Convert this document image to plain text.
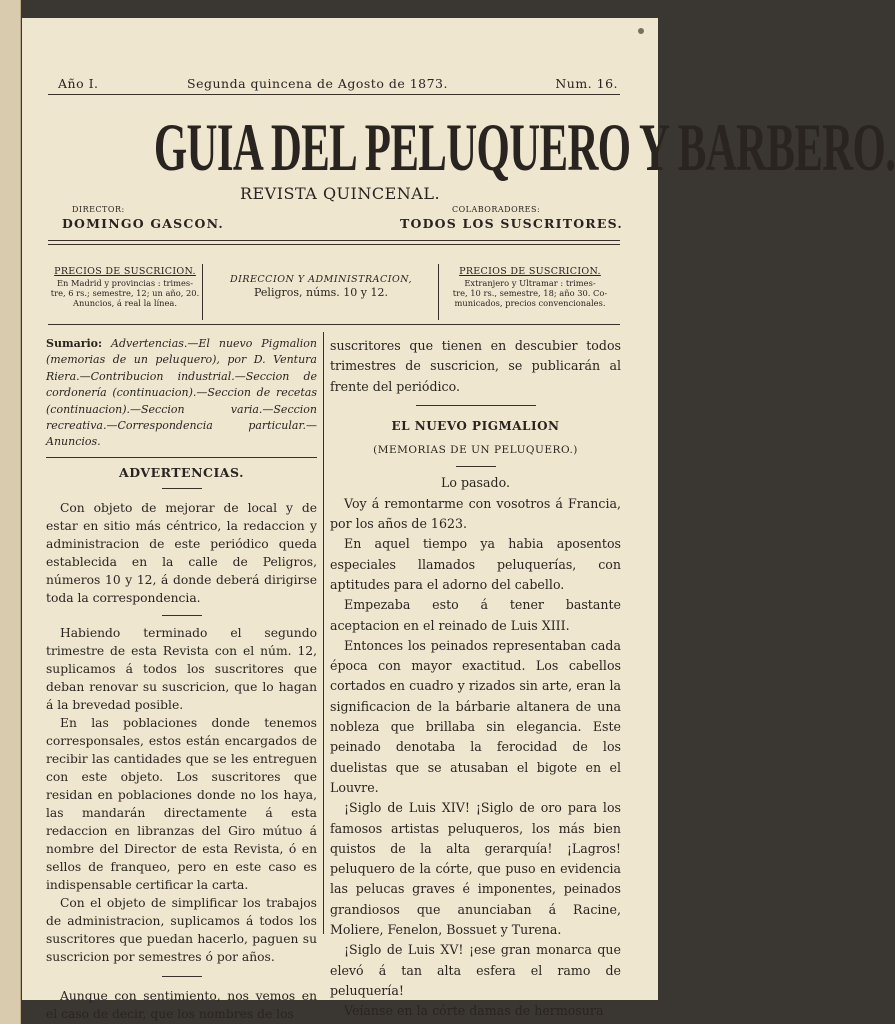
Año I.	Segunda quincena de Agosto de 1873.	Num. 16.

GUIA DEL PELUQUERO Y BARBERO.

REVISTA QUINCENAL.

DIRECTOR:

DOMINGO GASCON.

COLABORADORES:

TODOS LOS SUSCRITORES.

PRECIOS DE SUSCRICION.

En Madrid y provincias : trimes-

tre, 6 rs.; semestre, 12; un año, 20.

Anuncios, á real la línea.

DIRECCION Y ADMINISTRACION,

Peligros, núms. 10 y 12.

PRECIOS DE SUSCRICION.

Extranjero y Ultramar : trimes-

tre, 10 rs., semestre, 18; año 30. Co-

municados, precios convencionales.

Sumario: Advertencias.—El nuevo Pigmalion (memorias de un peluquero), por D. Ventura Riera.—Contribucion industrial.—Seccion de cordonería (continuacion).—Seccion de recetas (continuacion).—Seccion varia.—Seccion recreativa.—Correspondencia particular.—Anuncios.

ADVERTENCIAS.

Con objeto de mejorar de local y de estar en sitio más céntrico, la redaccion y administracion de este periódico queda establecida en la calle de Peligros, números 10 y 12, á donde deberá dirigirse toda la correspondencia.

Habiendo terminado el segundo trimestre de esta Revista con el núm. 12, suplicamos á todos los suscritores que deban renovar su suscricion, que lo hagan á la brevedad posible.

En las poblaciones donde tenemos corresponsales, estos están encargados de recibir las cantidades que se les entreguen con este objeto. Los suscritores que residan en poblaciones donde no los haya, las mandarán directamente á esta redaccion en libranzas del Giro mútuo á nombre del Director de esta Revista, ó en sellos de franqueo, pero en este caso es indispensable certificar la carta.

Con el objeto de simplificar los trabajos de administracion, suplicamos á todos los suscritores que puedan hacerlo, paguen su suscricion por semestres ó por años.

Aunque con sentimiento, nos vemos en el caso de decir, que los nombres de los

suscritores que tienen en descubier todos trimestres de suscricion, se publicarán al frente del periódico.

EL NUEVO PIGMALION

(MEMORIAS DE UN PELUQUERO.)

Lo pasado.

Voy á remontarme con vosotros á Francia, por los años de 1623.

En aquel tiempo ya habia aposentos especiales llamados peluquerías, con aptitudes para el adorno del cabello.

Empezaba esto á tener bastante aceptacion en el reinado de Luis XIII.

Entonces los peinados representaban cada época con mayor exactitud. Los cabellos cortados en cuadro y rizados sin arte, eran la significacion de la bárbarie altanera de una nobleza que brillaba sin elegancia. Este peinado denotaba la ferocidad de los duelistas que se atusaban el bigote en el Louvre.

¡Siglo de Luis XIV! ¡Siglo de oro para los famosos artistas peluqueros, los más bien quistos de la alta gerarquía! ¡Lagros! peluquero de la córte, que puso en evidencia las pelucas graves é imponentes, peinados grandiosos que anunciaban á Racine, Moliere, Fenelon, Bossuet y Turena.

¡Siglo de Luis XV! ¡ese gran monarca que elevó á tan alta esfera el ramo de peluquería!

Veíanse en la córte damas de hermosura
